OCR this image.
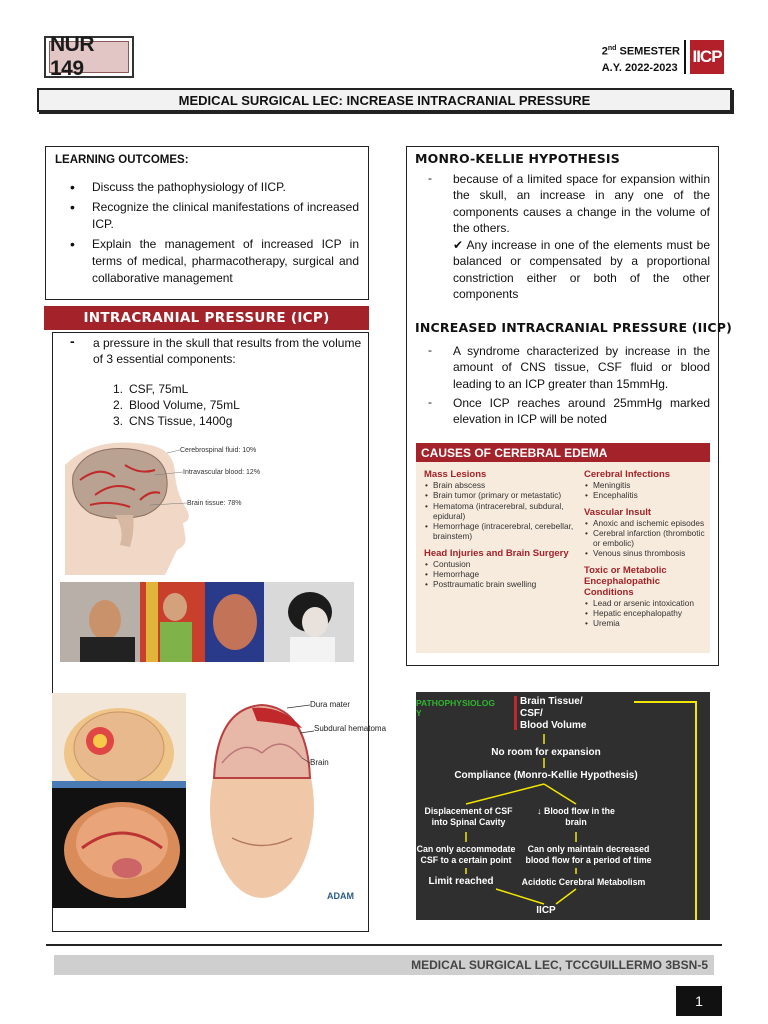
NUR 149
2nd SEMESTER
A.Y. 2022-2023
IICP
MEDICAL SURGICAL LEC: INCREASE INTRACRANIAL PRESSURE
LEARNING OUTCOMES:
• Discuss the pathophysiology of IICP.
• Recognize the clinical manifestations of increased ICP.
• Explain the management of increased ICP in terms of medical, pharmacotherapy, surgical and collaborative management
INTRACRANIAL PRESSURE (ICP)
- a pressure in the skull that results from the volume of 3 essential components:
1. CSF, 75mL
2. Blood Volume, 75mL
3. CNS Tissue, 1400g
Cerebrospinal fluid: 10%
Intravascular blood: 12%
Brain tissue: 78%
Dura mater
Subdural hematoma
Brain
ADAM
MONRO-KELLIE HYPOTHESIS
- because of a limited space for expansion within the skull, an increase in any one of the components causes a change in the volume of the others.
✔ Any increase in one of the elements must be balanced or compensated by a proportional constriction either or both of the other components
INCREASED INTRACRANIAL PRESSURE (IICP)
- A syndrome characterized by increase in the amount of CNS tissue, CSF fluid or blood leading to an ICP greater than 15mmHg.
- Once ICP reaches around 25mmHg marked elevation in ICP will be noted
CAUSES OF CEREBRAL EDEMA
Mass Lesions
• Brain abscess
• Brain tumor (primary or metastatic)
• Hematoma (intracerebral, subdural, epidural)
• Hemorrhage (intracerebral, cerebellar, brainstem)
Head Injuries and Brain Surgery
• Contusion
• Hemorrhage
• Posttraumatic brain swelling
Cerebral Infections
• Meningitis
• Encephalitis
Vascular Insult
• Anoxic and ischemic episodes
• Cerebral infarction (thrombotic or embolic)
• Venous sinus thrombosis
Toxic or Metabolic Encephalopathic Conditions
• Lead or arsenic intoxication
• Hepatic encephalopathy
• Uremia
PATHOPHYSIOLOG
Y
Brain Tissue/
CSF/
Blood Volume
No room for expansion
Compliance (Monro-Kellie Hypothesis)
Displacement of CSF
into Spinal Cavity
↓ Blood flow in the
brain
Can only accommodate
CSF to a certain point
Can only maintain decreased
blood flow for a period of time
Limit reached	Acidotic Cerebral Metabolism
IICP
MEDICAL SURGICAL LEC, TCCGUILLERMO 3BSN-5
1
